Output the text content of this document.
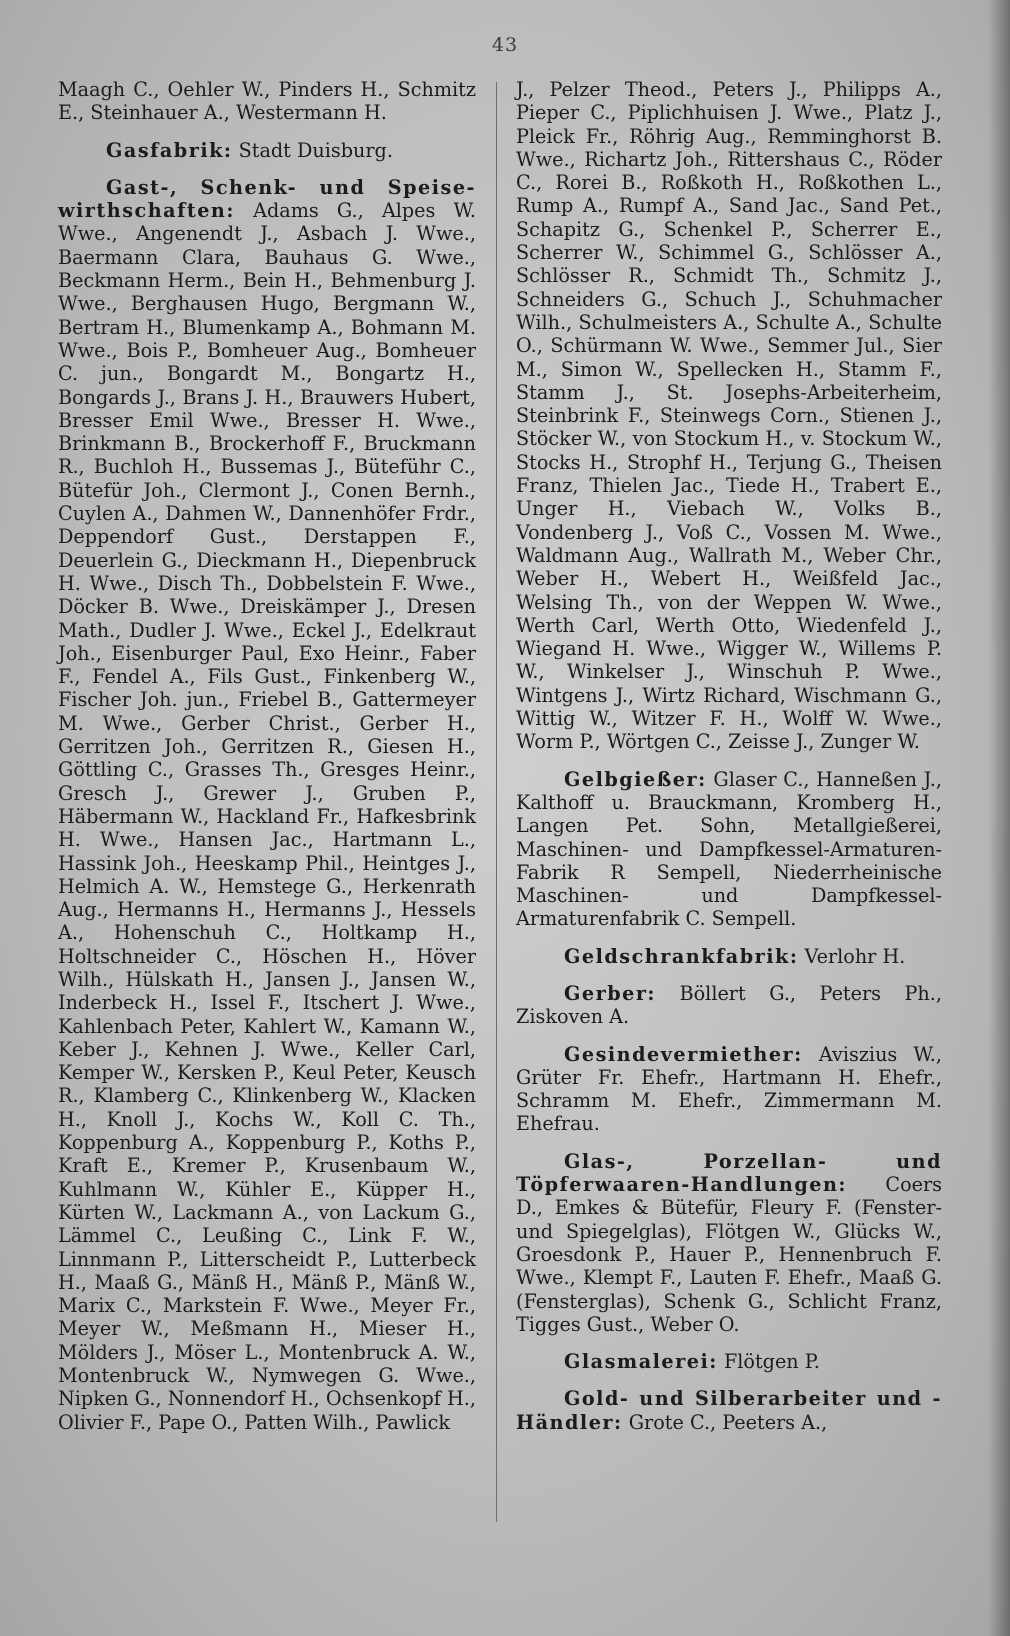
43

Maagh C., Oehler W., Pinders H., Schmitz E., Steinhauer A., Westermann H.

Gasfabrik: Stadt Duisburg.

Gast-, Schenk- und Speise-wirthschaften: Adams G., Alpes W. Wwe., Angenendt J., Asbach J. Wwe., Baermann Clara, Bauhaus G. Wwe., Beckmann Herm., Bein H., Behmenburg J. Wwe., Berghausen Hugo, Bergmann W., Bertram H., Blumenkamp A., Bohmann M. Wwe., Bois P., Bomheuer Aug., Bomheuer C. jun., Bongardt M., Bongartz H., Bongards J., Brans J. H., Brauwers Hubert, Bresser Emil Wwe., Bresser H. Wwe., Brinkmann B., Brockerhoff F., Bruckmann R., Buchloh H., Bussemas J., Büteführ C., Bütefür Joh., Clermont J., Conen Bernh., Cuylen A., Dahmen W., Dannenhöfer Frdr., Deppendorf Gust., Derstappen F., Deuerlein G., Dieckmann H., Diepenbruck H. Wwe., Disch Th., Dobbelstein F. Wwe., Döcker B. Wwe., Dreiskämper J., Dresen Math., Dudler J. Wwe., Eckel J., Edelkraut Joh., Eisenburger Paul, Exo Heinr., Faber F., Fendel A., Fils Gust., Finkenberg W., Fischer Joh. jun., Friebel B., Gattermeyer M. Wwe., Gerber Christ., Gerber H., Gerritzen Joh., Gerritzen R., Giesen H., Göttling C., Grasses Th., Gresges Heinr., Gresch J., Grewer J., Gruben P., Häbermann W., Hackland Fr., Hafkesbrink H. Wwe., Hansen Jac., Hartmann L., Hassink Joh., Heeskamp Phil., Heintges J., Helmich A. W., Hemstege G., Herkenrath Aug., Hermanns H., Hermanns J., Hessels A., Hohenschuh C., Holtkamp H., Holtschneider C., Höschen H., Höver Wilh., Hülskath H., Jansen J., Jansen W., Inderbeck H., Issel F., Itschert J. Wwe., Kahlenbach Peter, Kahlert W., Kamann W., Keber J., Kehnen J. Wwe., Keller Carl, Kemper W., Kersken P., Keul Peter, Keusch R., Klamberg C., Klinkenberg W., Klacken H., Knoll J., Kochs W., Koll C. Th., Koppenburg A., Koppenburg P., Koths P., Kraft E., Kremer P., Krusenbaum W., Kuhlmann W., Kühler E., Küpper H., Kürten W., Lackmann A., von Lackum G., Lämmel C., Leußing C., Link F. W., Linnmann P., Litterscheidt P., Lutterbeck H., Maaß G., Mänß H., Mänß P., Mänß W., Marix C., Markstein F. Wwe., Meyer Fr., Meyer W., Meßmann H., Mieser H., Mölders J., Möser L., Montenbruck A. W., Montenbruck W., Nymwegen G. Wwe., Nipken G., Nonnendorf H., Ochsenkopf H., Olivier F., Pape O., Patten Wilh., Pawlick

J., Pelzer Theod., Peters J., Philipps A., Pieper C., Piplichhuisen J. Wwe., Platz J., Pleick Fr., Röhrig Aug., Remminghorst B. Wwe., Richartz Joh., Rittershaus C., Röder C., Rorei B., Roßkoth H., Roßkothen L., Rump A., Rumpf A., Sand Jac., Sand Pet., Schapitz G., Schenkel P., Scherrer E., Scherrer W., Schimmel G., Schlösser A., Schlösser R., Schmidt Th., Schmitz J., Schneiders G., Schuch J., Schuhmacher Wilh., Schulmeisters A., Schulte A., Schulte O., Schürmann W. Wwe., Semmer Jul., Sier M., Simon W., Spellecken H., Stamm F., Stamm J., St. Josephs-Arbeiterheim, Steinbrink F., Steinwegs Corn., Stienen J., Stöcker W., von Stockum H., v. Stockum W., Stocks H., Strophf H., Terjung G., Theisen Franz, Thielen Jac., Tiede H., Trabert E., Unger H., Viebach W., Volks B., Vondenberg J., Voß C., Vossen M. Wwe., Waldmann Aug., Wallrath M., Weber Chr., Weber H., Webert H., Weißfeld Jac., Welsing Th., von der Weppen W. Wwe., Werth Carl, Werth Otto, Wiedenfeld J., Wiegand H. Wwe., Wigger W., Willems P. W., Winkelser J., Winschuh P. Wwe., Wintgens J., Wirtz Richard, Wischmann G., Wittig W., Witzer F. H., Wolff W. Wwe., Worm P., Wörtgen C., Zeisse J., Zunger W.

Gelbgießer: Glaser C., Hanneßen J., Kalthoff u. Brauckmann, Kromberg H., Langen Pet. Sohn, Metallgießerei, Maschinen- und Dampfkessel-Armaturen-Fabrik R Sempell, Niederrheinische Maschinen- und Dampfkessel-Armaturenfabrik C. Sempell.

Geldschrankfabrik: Verlohr H.

Gerber: Böllert G., Peters Ph., Ziskoven A.

Gesindevermiether: Aviszius W., Grüter Fr. Ehefr., Hartmann H. Ehefr., Schramm M. Ehefr., Zimmermann M. Ehefrau.

Glas-, Porzellan- und Töpferwaaren-Handlungen: Coers D., Emkes & Bütefür, Fleury F. (Fenster- und Spiegelglas), Flötgen W., Glücks W., Groesdonk P., Hauer P., Hennenbruch F. Wwe., Klempt F., Lauten F. Ehefr., Maaß G. (Fensterglas), Schenk G., Schlicht Franz, Tigges Gust., Weber O.

Glasmalerei: Flötgen P.

Gold- und Silberarbeiter und -Händler: Grote C., Peeters A.,
